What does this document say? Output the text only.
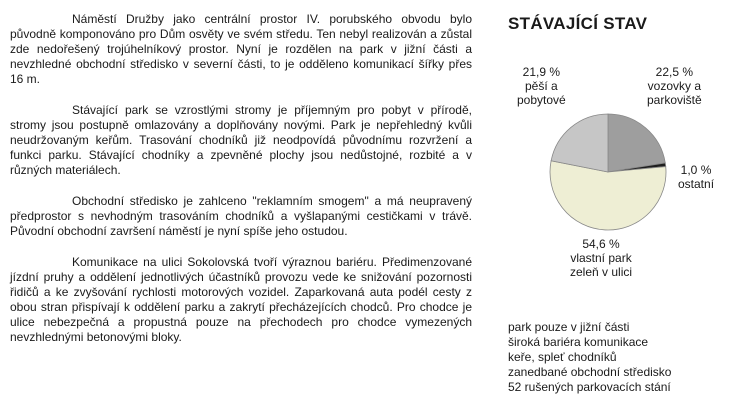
Náměstí Družby jako centrální prostor IV. porubského obvodu bylo původně komponováno pro Dům osvěty ve svém středu. Ten nebyl realizován a zůstal zde nedořešený trojúhelníkový prostor. Nyní je rozdělen na park v jižní části a nevzhledné obchodní středisko v severní části, to je odděleno komunikací šířky přes 16 m.

Stávající park se vzrostlými stromy je příjemným pro pobyt v přírodě, stromy jsou postupně omlazovány a doplňovány novými. Park je nepřehledný kvůli neudržovaným keřům. Trasování chodníků již neodpovídá původnímu rozvržení a funkci parku. Stávající chodníky a zpevněné plochy jsou nedůstojné, rozbité a v různých materiálech.

Obchodní středisko je zahlceno "reklamním smogem" a má neupravený předprostor s nevhodným trasováním chodníků a vyšlapanými cestičkami v trávě. Původní obchodní završení náměstí je nyní spíše jeho ostudou.

Komunikace na ulici Sokolovská tvoří výraznou bariéru. Předimenzované jízdní pruhy a oddělení jednotlivých účastníků provozu vede ke snižování pozornosti řidičů a ke zvyšování rychlosti motorových vozidel. Zaparkovaná auta podél cesty z obou stran přispívají k oddělení parku a zakrytí přecházejících chodců. Pro chodce je ulice nebezpečná a propustná pouze na přechodech pro chodce vymezených nevzhlednými betonovými bloky.

STÁVAJÍCÍ STAV
21,9 %
pěší a
pobytové
22,5 %
vozovky a
parkoviště
1,0 %
ostatní
54,6 %
vlastní park
zeleň v ulici
park pouze v jižní části
široká bariéra komunikace
keře, spleť chodníků
zanedbané obchodní středisko
52 rušených parkovacích stání
